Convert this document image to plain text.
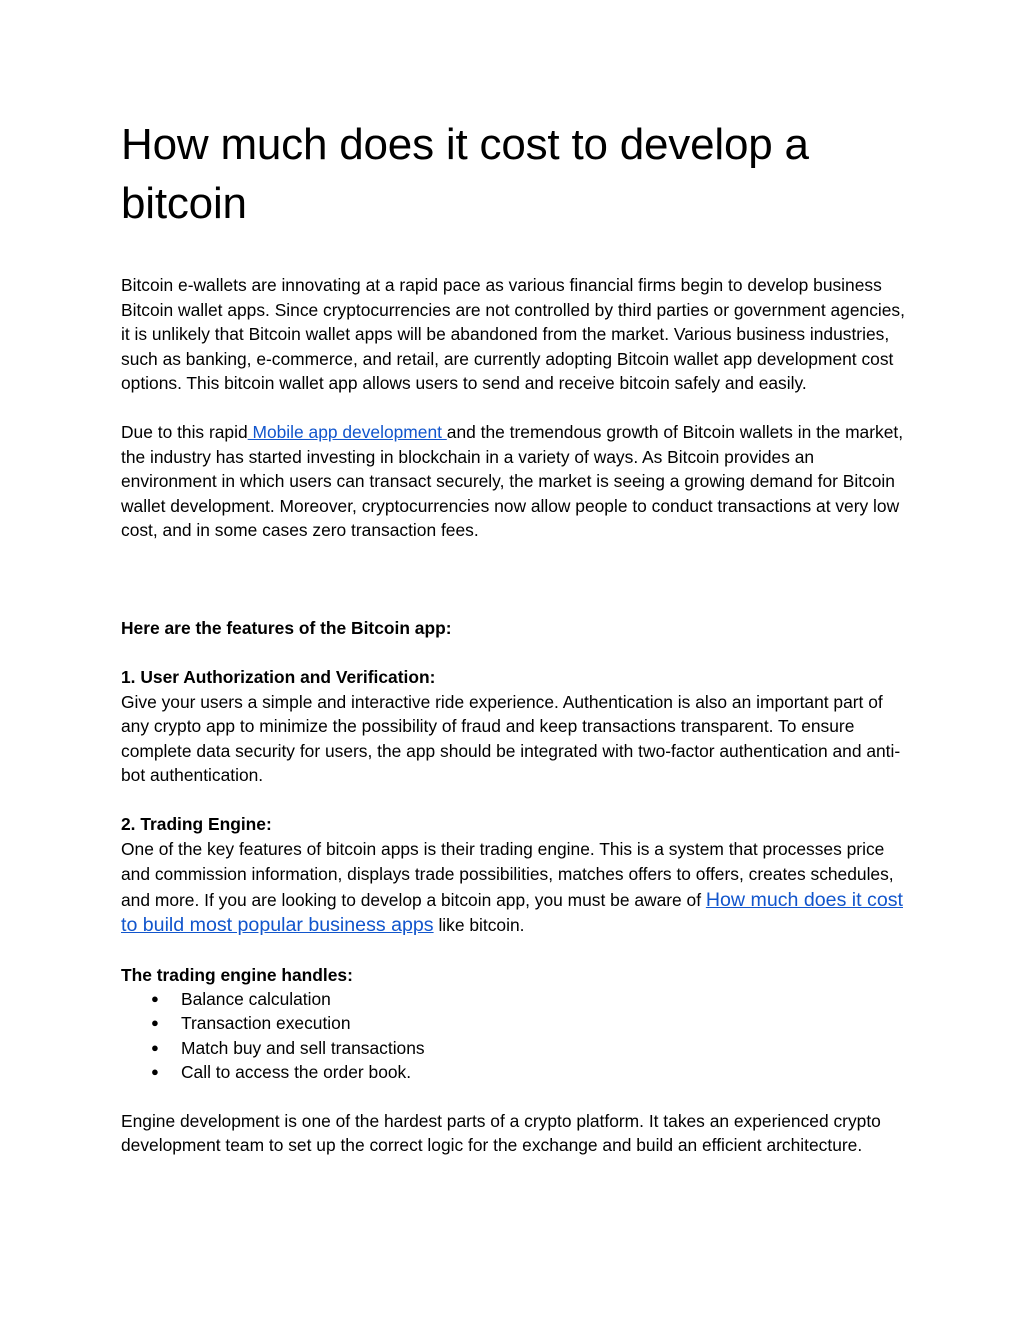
How much does it cost to develop a bitcoin

Bitcoin e-wallets are innovating at a rapid pace as various financial firms begin to develop business Bitcoin wallet apps. Since cryptocurrencies are not controlled by third parties or government agencies, it is unlikely that Bitcoin wallet apps will be abandoned from the market. Various business industries, such as banking, e-commerce, and retail, are currently adopting Bitcoin wallet app development cost options. This bitcoin wallet app allows users to send and receive bitcoin safely and easily.

Due to this rapid Mobile app development and the tremendous growth of Bitcoin wallets in the market, the industry has started investing in blockchain in a variety of ways. As Bitcoin provides an environment in which users can transact securely, the market is seeing a growing demand for Bitcoin wallet development. Moreover, cryptocurrencies now allow people to conduct transactions at very low cost, and in some cases zero transaction fees.

Here are the features of the Bitcoin app:

1. User Authorization and Verification:

Give your users a simple and interactive ride experience. Authentication is also an important part of any crypto app to minimize the possibility of fraud and keep transactions transparent. To ensure complete data security for users, the app should be integrated with two-factor authentication and anti-bot authentication.

2. Trading Engine:

One of the key features of bitcoin apps is their trading engine. This is a system that processes price and commission information, displays trade possibilities, matches offers to offers, creates schedules, and more. If you are looking to develop a bitcoin app, you must be aware of How much does it cost to build most popular business apps like bitcoin.

The trading engine handles:

● Balance calculation
● Transaction execution
● Match buy and sell transactions
● Call to access the order book.

Engine development is one of the hardest parts of a crypto platform. It takes an experienced crypto development team to set up the correct logic for the exchange and build an efficient architecture.
